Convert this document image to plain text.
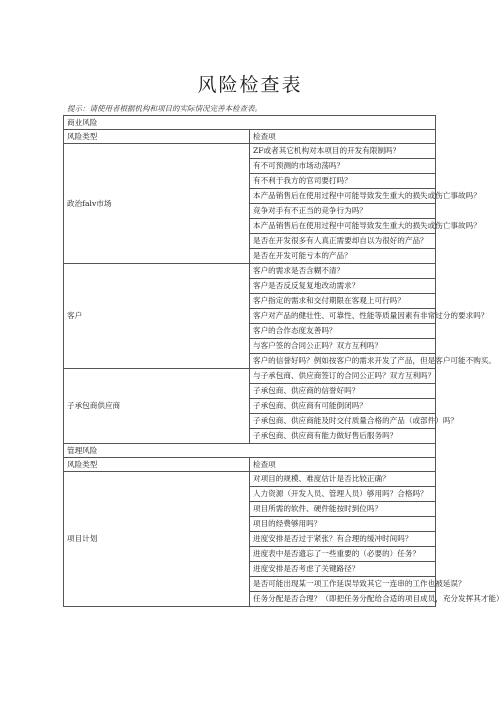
风险检查表
提示：请使用者根据机构和项目的实际情况完善本检查表。
商业风险	
风险类型	检查项
政治falv市场	ZF或者其它机构对本项目的开发有限制吗？
	有不可预测的市场动荡吗？
	有不利于我方的官司要打吗？
	本产品销售后在使用过程中可能导致发生重大的损失或伤亡事故吗？
	竞争对手有不正当的竞争行为吗？
	本产品销售后在使用过程中可能导致发生重大的损失或伤亡事故吗？
	是否在开发很多有人真正需要却自以为很好的产品？
	是否在开发可能亏本的产品？
客户	客户的需求是否含糊不清？
	客户是否反反复复地改动需求？
	客户指定的需求和交付期限在客观上可行吗？
	客户对产品的健壮性、可靠性、性能等质量因素有非常过分的要求吗？
	客户的合作态度友善吗？
	与客户签的合同公正吗？双方互利吗？
	客户的信誉好吗？例如按客户的需求开发了产品，但是客户可能不购买。
子承包商供应商	与子承包商、供应商签订的合同公正吗？双方互利吗？
	子承包商、供应商的信誉好吗？
	子承包商、供应商有可能倒闭吗？
	子承包商、供应商能及时交付质量合格的产品（或部件）吗？
	子承包商、供应商有能力做好售后服务吗？
管理风险	
风险类型	检查项
项目计划	对项目的规模、难度估计是否比较正确？
	人力资源（开发人员、管理人员）够用吗？合格吗？
	项目所需的软件、硬件能按时到位吗？
	项目的经费够用吗？
	进度安排是否过于紧张？有合理的缓冲时间吗？
	进度表中是否遗忘了一些重要的（必要的）任务？
	进度安排是否考虑了关键路径？
	是否可能出现某一项工作延误导致其它一连串的工作也被延误？
	任务分配是否合理？（即把任务分配给合适的项目成员，充分发挥其才能）
